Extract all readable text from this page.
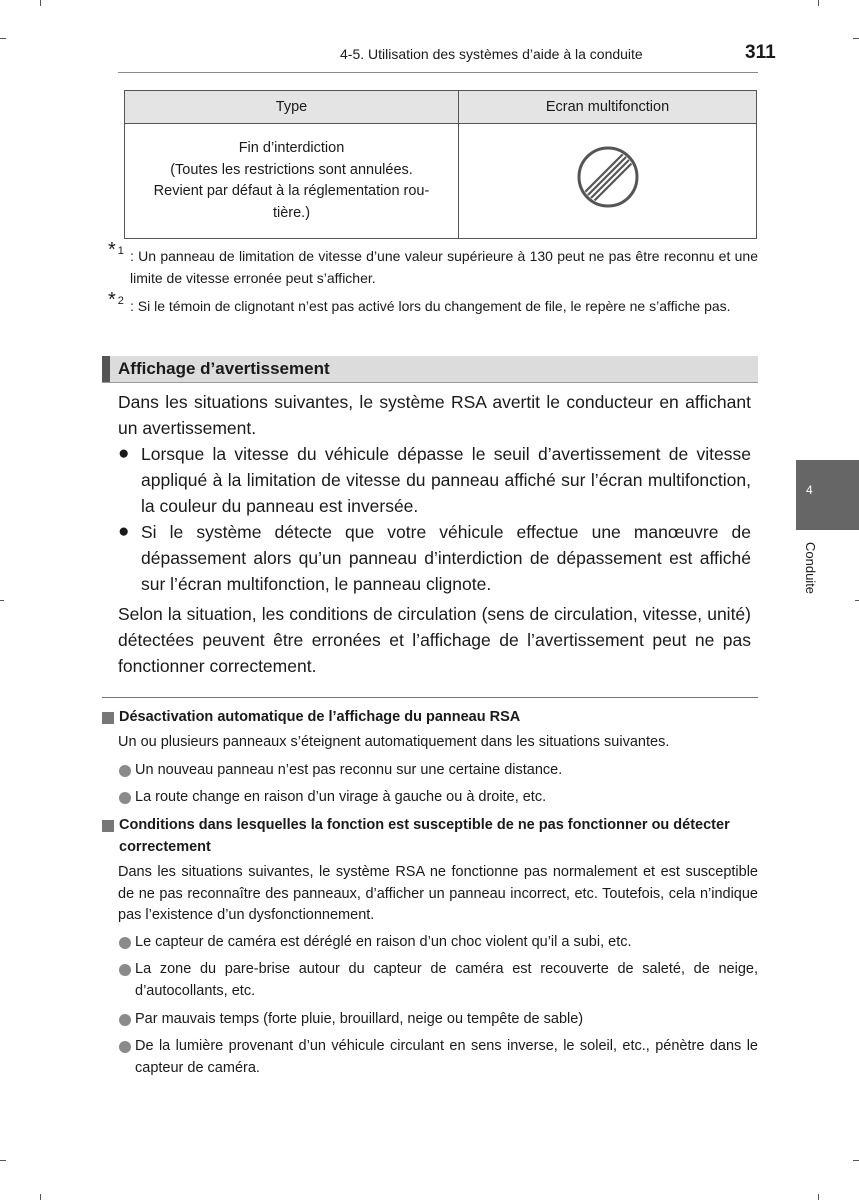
4-5. Utilisation des systèmes d’aide à la conduite	311
Type	Ecran multifonction

Fin d’interdiction
(Toutes les restrictions sont annulées.
Revient par défaut à la réglementation rou-
tière.)

* $_1$ : Un panneau de limitation de vitesse d’une valeur supérieure à 130 peut ne pas être reconnu et une limite de vitesse erronée peut s’afficher.
* $_2$ : Si le témoin de clignotant n’est pas activé lors du changement de file, le repère ne s’affiche pas.
Affichage d’avertissement
Dans les situations suivantes, le système RSA avertit le conducteur en affichant un avertissement.
● Lorsque la vitesse du véhicule dépasse le seuil d’avertissement de vitesse appliqué à la limitation de vitesse du panneau affiché sur l’écran multifonction, la couleur du panneau est inversée.
● Si le système détecte que votre véhicule effectue une manœuvre de dépassement alors qu’un panneau d’interdiction de dépassement est affiché sur l’écran multifonction, le panneau clignote.
Selon la situation, les conditions de circulation (sens de circulation, vitesse, unité) détectées peuvent être erronées et l’affichage de l’avertissement peut ne pas fonctionner correctement.
Désactivation automatique de l’affichage du panneau RSA
Un ou plusieurs panneaux s’éteignent automatiquement dans les situations suivantes.
Un nouveau panneau n’est pas reconnu sur une certaine distance.
La route change en raison d’un virage à gauche ou à droite, etc.
Conditions dans lesquelles la fonction est susceptible de ne pas fonctionner ou détecter correctement
Dans les situations suivantes, le système RSA ne fonctionne pas normalement et est susceptible de ne pas reconnaître des panneaux, d’afficher un panneau incorrect, etc. Toutefois, cela n’indique pas l’existence d’un dysfonctionnement.
Le capteur de caméra est déréglé en raison d’un choc violent qu’il a subi, etc.
La zone du pare-brise autour du capteur de caméra est recouverte de saleté, de neige, d’autocollants, etc.
Par mauvais temps (forte pluie, brouillard, neige ou tempête de sable)
De la lumière provenant d’un véhicule circulant en sens inverse, le soleil, etc., pénètre dans le capteur de caméra.
4
Conduite
